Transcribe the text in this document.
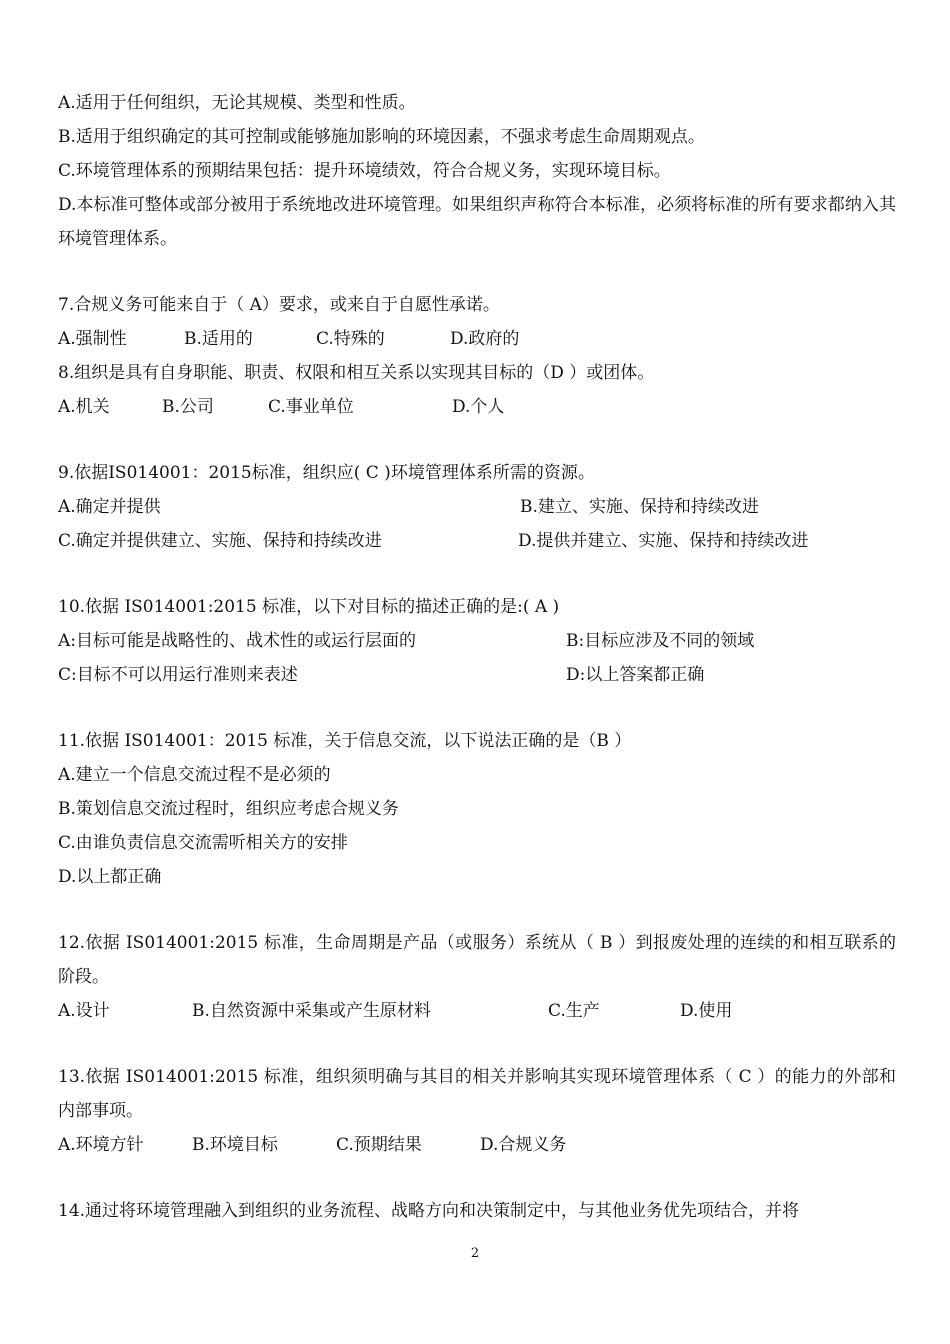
A.适用于任何组织，无论其规模、类型和性质。
B.适用于组织确定的其可控制或能够施加影响的环境因素，不强求考虑生命周期观点。
C.环境管理体系的预期结果包括：提升环境绩效，符合合规义务，实现环境目标。
D.本标准可整体或部分被用于系统地改进环境管理。如果组织声称符合本标准，必须将标准的所有要求都纳入其环境管理体系。
7.合规义务可能来自于（ A）要求，或来自于自愿性承诺。
A.强制性	B.适用的	C.特殊的	D.政府的
8.组织是具有自身职能、职责、权限和相互关系以实现其目标的（D ）或团体。
A.机关	B.公司	C.事业单位	D.个人
9.依据IS014001：2015标准，组织应( C )环境管理体系所需的资源。
A.确定并提供	B.建立、实施、保持和持续改进
C.确定并提供建立、实施、保持和持续改进	D.提供并建立、实施、保持和持续改进
10.依据 IS014001:2015 标准，以下对目标的描述正确的是:( A )
A:目标可能是战略性的、战术性的或运行层面的	B:目标应涉及不同的领域
C:目标不可以用运行准则来表述	D:以上答案都正确
11.依据 IS014001：2015 标准，关于信息交流，以下说法正确的是（B ）
A.建立一个信息交流过程不是必须的
B.策划信息交流过程时，组织应考虑合规义务
C.由谁负责信息交流需听相关方的安排
D.以上都正确
12.依据 IS014001:2015 标准，生命周期是产品（或服务）系统从（ B ）到报废处理的连续的和相互联系的阶段。
A.设计	B.自然资源中采集或产生原材料	C.生产	D.使用
13.依据 IS014001:2015 标准，组织须明确与其目的相关并影响其实现环境管理体系（ C ）的能力的外部和内部事项。
A.环境方针	B.环境目标	C.预期结果	D.合规义务
14.通过将环境管理融入到组织的业务流程、战略方向和决策制定中，与其他业务优先项结合，并将
2
